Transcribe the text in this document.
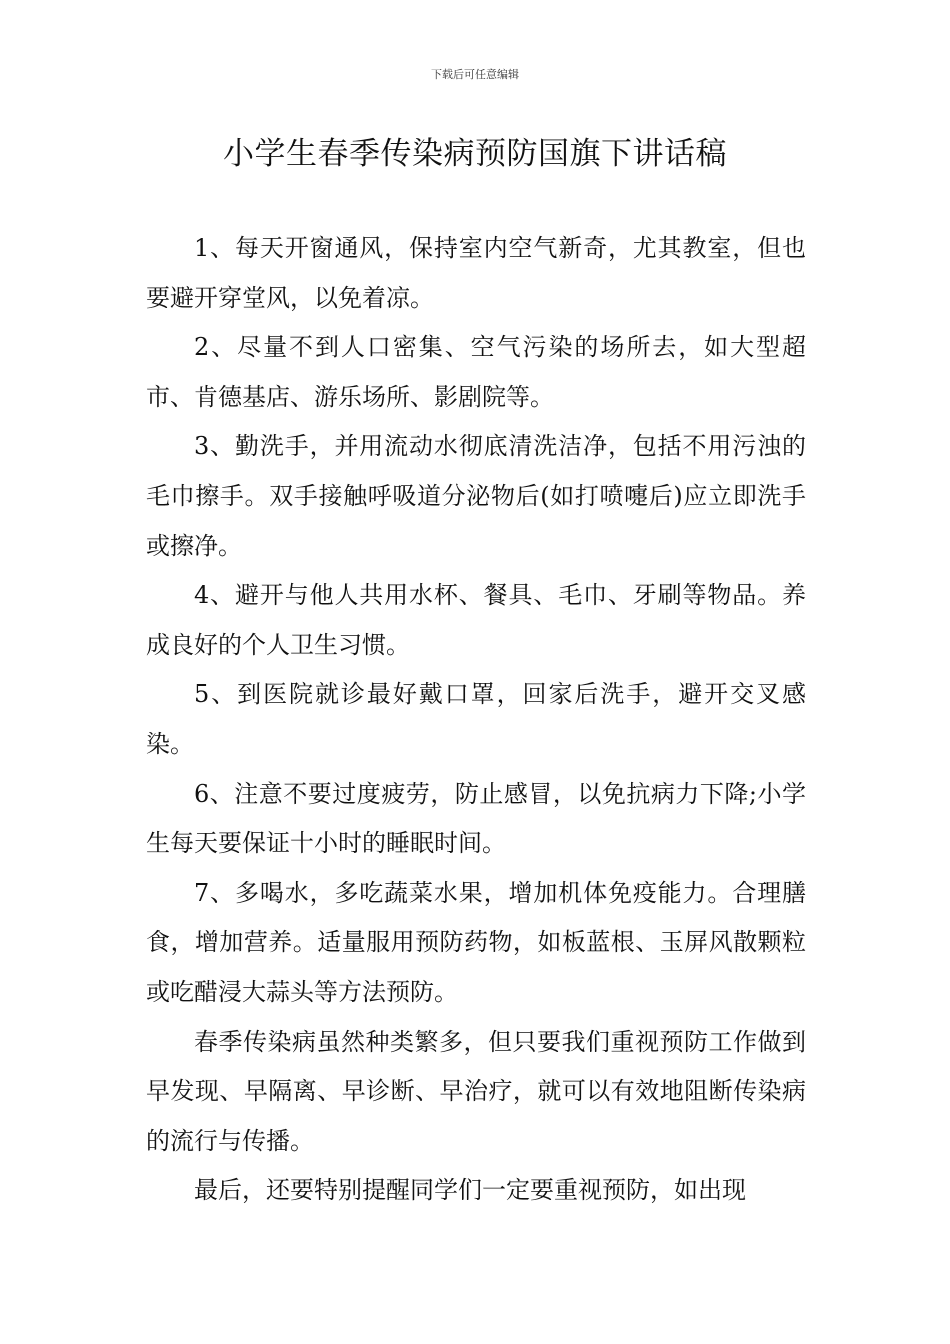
下载后可任意编辑
小学生春季传染病预防国旗下讲话稿

1、每天开窗通风，保持室内空气新奇，尤其教室，但也要避开穿堂风，以免着凉。

2、尽量不到人口密集、空气污染的场所去，如大型超市、肯德基店、游乐场所、影剧院等。

3、勤洗手，并用流动水彻底清洗洁净，包括不用污浊的毛巾擦手。双手接触呼吸道分泌物后(如打喷嚏后)应立即洗手或擦净。

4、避开与他人共用水杯、餐具、毛巾、牙刷等物品。养成良好的个人卫生习惯。

5、到医院就诊最好戴口罩，回家后洗手，避开交叉感染。

6、注意不要过度疲劳，防止感冒，以免抗病力下降;小学生每天要保证十小时的睡眠时间。

7、多喝水，多吃蔬菜水果，增加机体免疫能力。合理膳食，增加营养。适量服用预防药物，如板蓝根、玉屏风散颗粒或吃醋浸大蒜头等方法预防。

春季传染病虽然种类繁多，但只要我们重视预防工作做到早发现、早隔离、早诊断、早治疗，就可以有效地阻断传染病的流行与传播。

最后，还要特别提醒同学们一定要重视预防，如出现
